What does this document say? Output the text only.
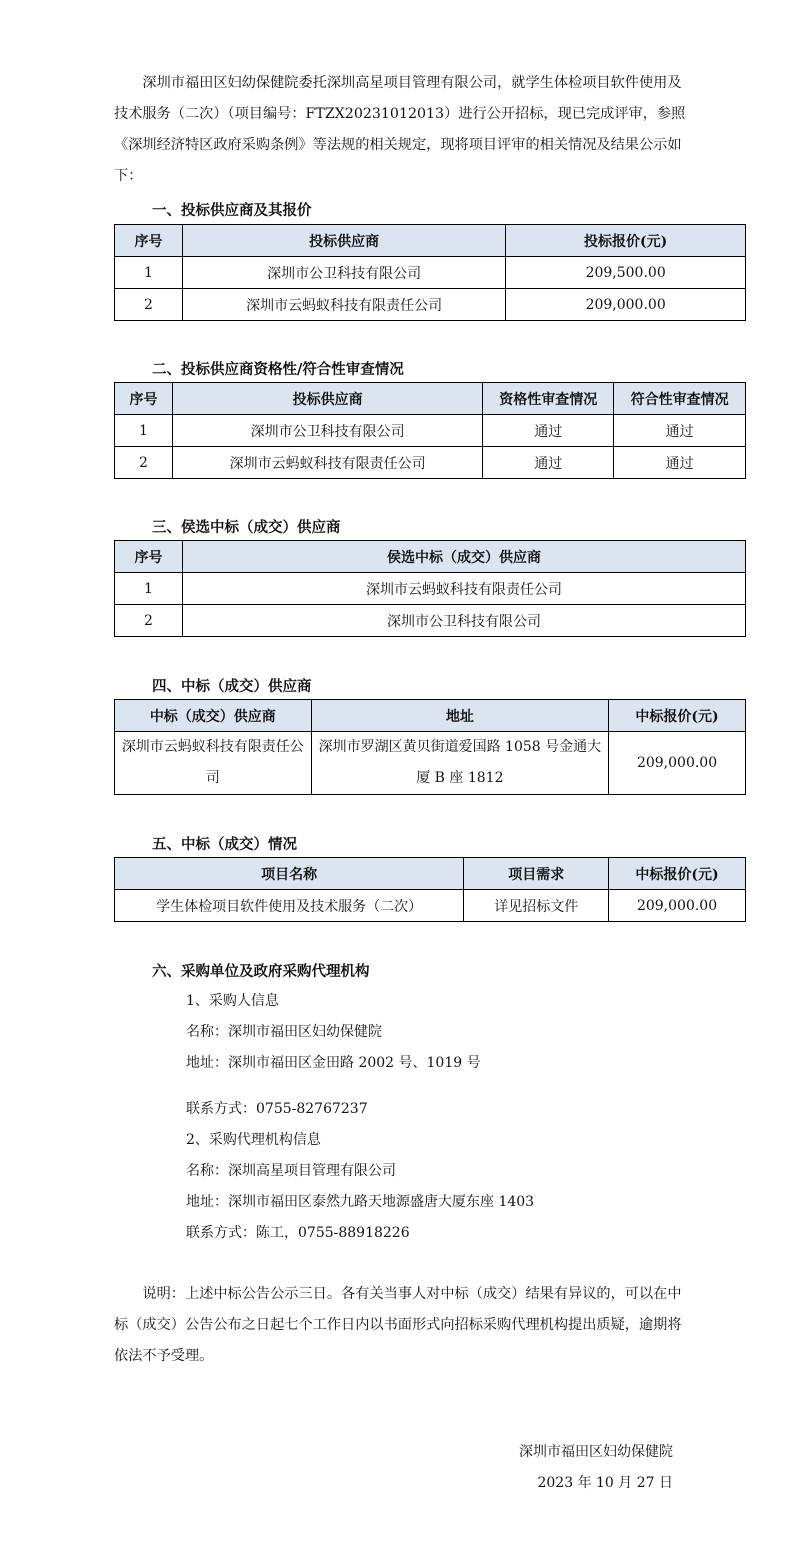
深圳市福田区妇幼保健院委托深圳高星项目管理有限公司，就学生体检项目软件使用及技术服务（二次）（项目编号：FTZX20231012013）进行公开招标，现已完成评审，参照《深圳经济特区政府采购条例》等法规的相关规定，现将项目评审的相关情况及结果公示如下：

一、投标供应商及其报价

序号	投标供应商	投标报价(元)
1	深圳市公卫科技有限公司	209,500.00
2	深圳市云蚂蚁科技有限责任公司	209,000.00

二、投标供应商资格性/符合性审查情况

序号	投标供应商	资格性审查情况	符合性审查情况
1	深圳市公卫科技有限公司	通过	通过
2	深圳市云蚂蚁科技有限责任公司	通过	通过

三、侯选中标（成交）供应商

序号	侯选中标（成交）供应商
1	深圳市云蚂蚁科技有限责任公司
2	深圳市公卫科技有限公司

四、中标（成交）供应商

中标（成交）供应商	地址	中标报价(元)
深圳市云蚂蚁科技有限责任公司	深圳市罗湖区黄贝街道爱国路 1058 号金通大厦 B 座 1812	209,000.00

五、中标（成交）情况

项目名称	项目需求	中标报价(元)
学生体检项目软件使用及技术服务（二次）	详见招标文件	209,000.00

六、采购单位及政府采购代理机构

1、采购人信息

名称：深圳市福田区妇幼保健院

地址：深圳市福田区金田路 2002 号、1019 号

联系方式：0755-82767237

2、采购代理机构信息

名称：深圳高星项目管理有限公司

地址：深圳市福田区泰然九路天地源盛唐大厦东座 1403

联系方式：陈工，0755-88918226

说明：上述中标公告公示三日。各有关当事人对中标（成交）结果有异议的，可以在中标（成交）公告公布之日起七个工作日内以书面形式向招标采购代理机构提出质疑，逾期将依法不予受理。

深圳市福田区妇幼保健院

2023 年 10 月 27 日
